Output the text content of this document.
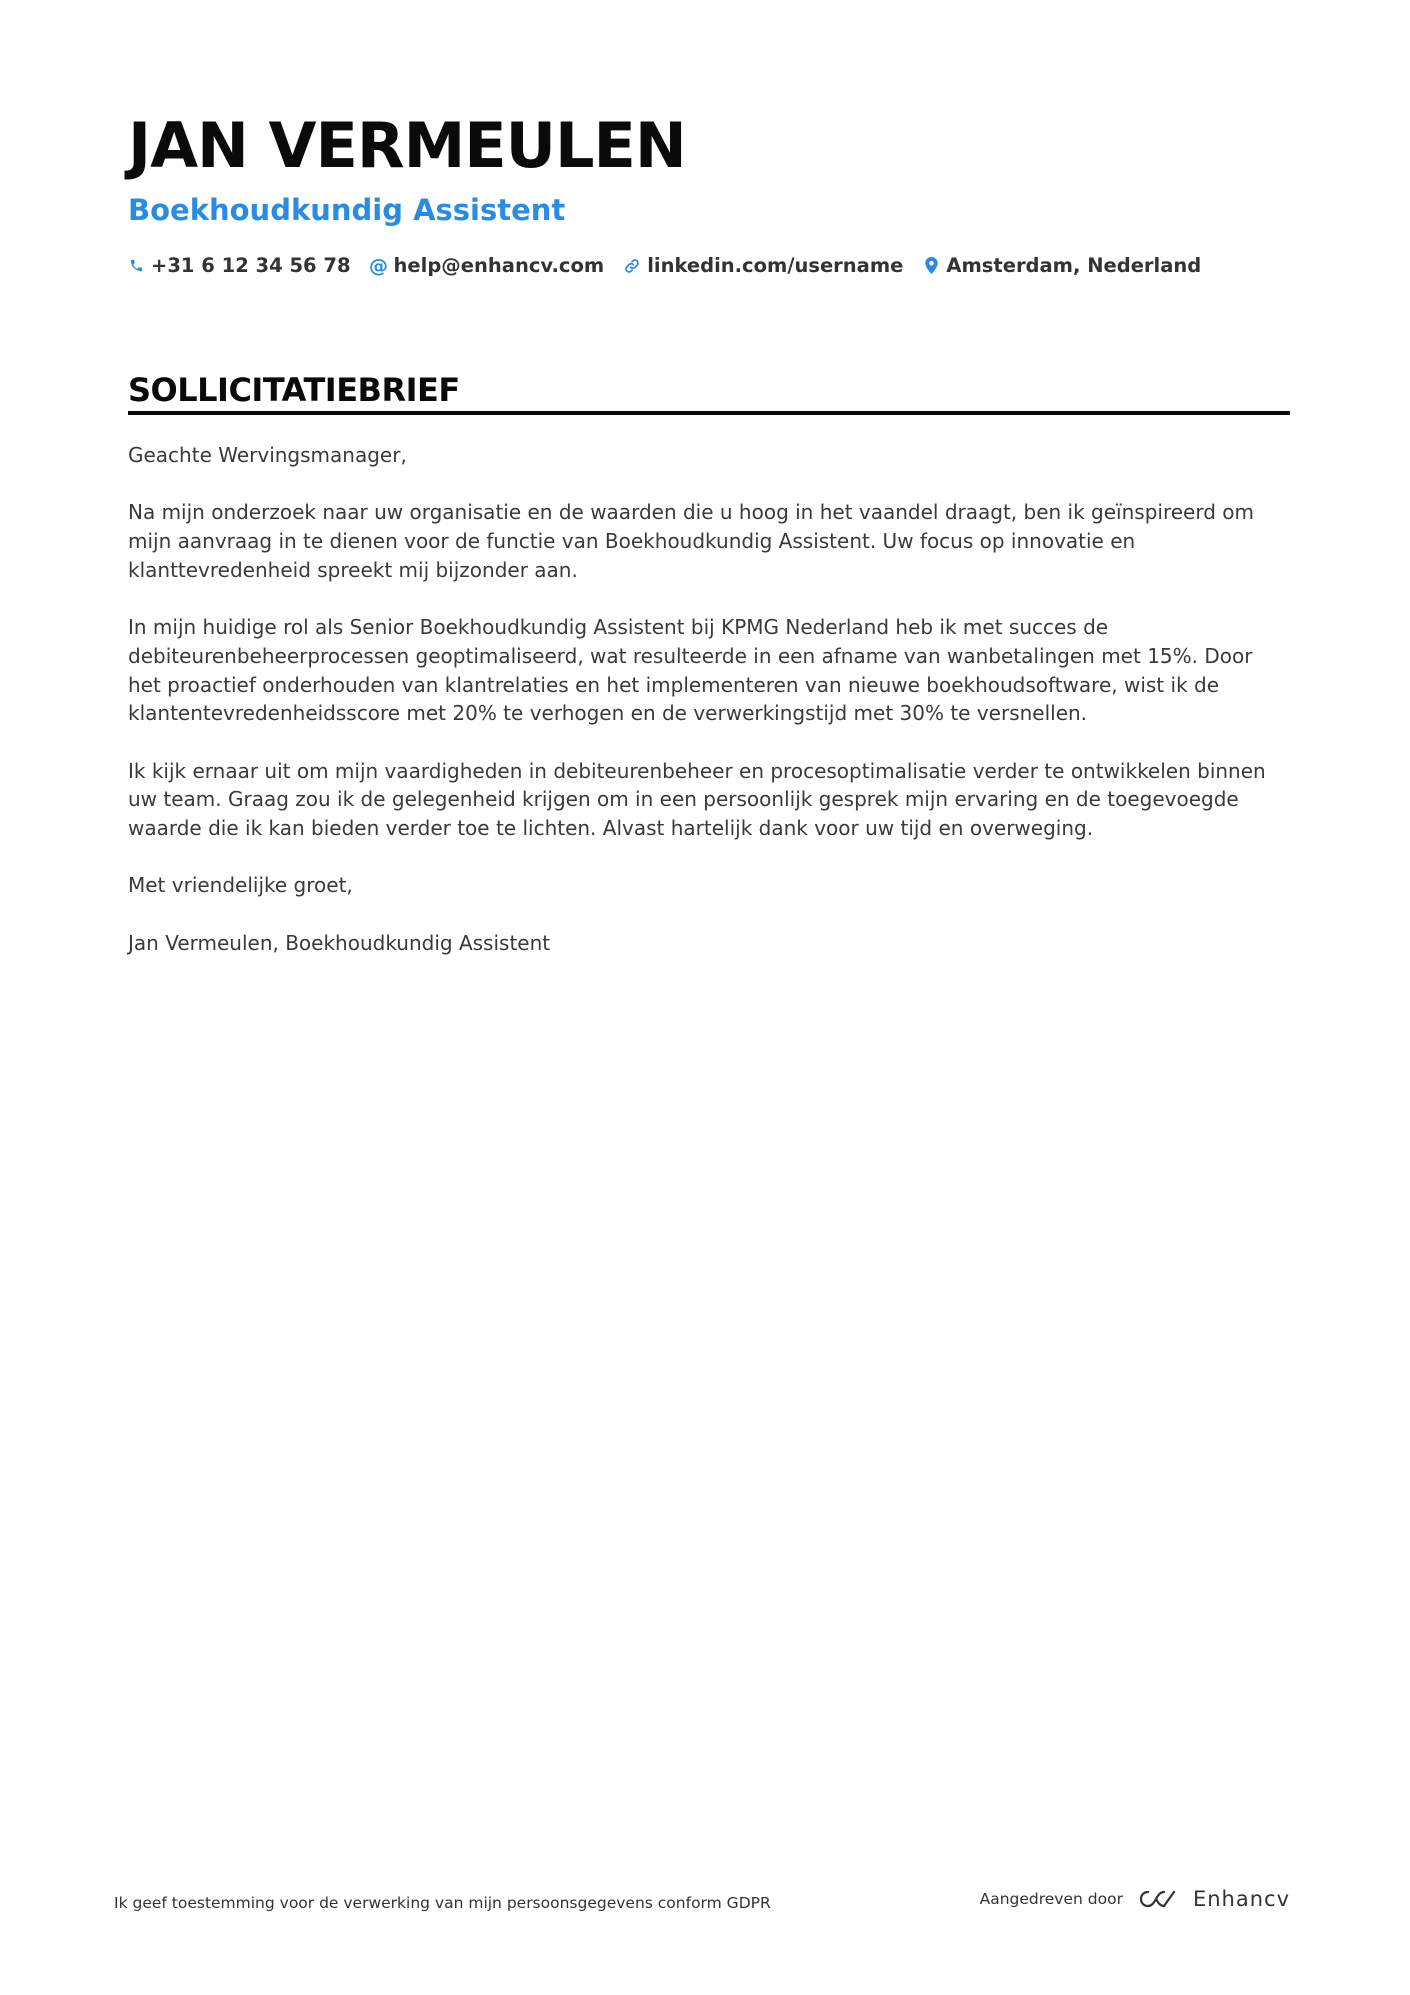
JAN VERMEULEN
Boekhoudkundig Assistent
+31 6 12 34 56 78 @ help@enhancv.com linkedin.com/username Amsterdam, Nederland
SOLLICITATIEBRIEF

Geachte Wervingsmanager,

Na mijn onderzoek naar uw organisatie en de waarden die u hoog in het vaandel draagt, ben ik geïnspireerd om mijn aanvraag in te dienen voor de functie van Boekhoudkundig Assistent. Uw focus op innovatie en klanttevredenheid spreekt mij bijzonder aan.

In mijn huidige rol als Senior Boekhoudkundig Assistent bij KPMG Nederland heb ik met succes de debiteurenbeheerprocessen geoptimaliseerd, wat resulteerde in een afname van wanbetalingen met 15%. Door het proactief onderhouden van klantrelaties en het implementeren van nieuwe boekhoudsoftware, wist ik de klantentevredenheidsscore met 20% te verhogen en de verwerkingstijd met 30% te versnellen.

Ik kijk ernaar uit om mijn vaardigheden in debiteurenbeheer en procesoptimalisatie verder te ontwikkelen binnen uw team. Graag zou ik de gelegenheid krijgen om in een persoonlijk gesprek mijn ervaring en de toegevoegde waarde die ik kan bieden verder toe te lichten. Alvast hartelijk dank voor uw tijd en overweging.

Met vriendelijke groet,

Jan Vermeulen, Boekhoudkundig Assistent

Ik geef toestemming voor de verwerking van mijn persoonsgegevens conform GDPR	Aangedreven door	Enhancv
